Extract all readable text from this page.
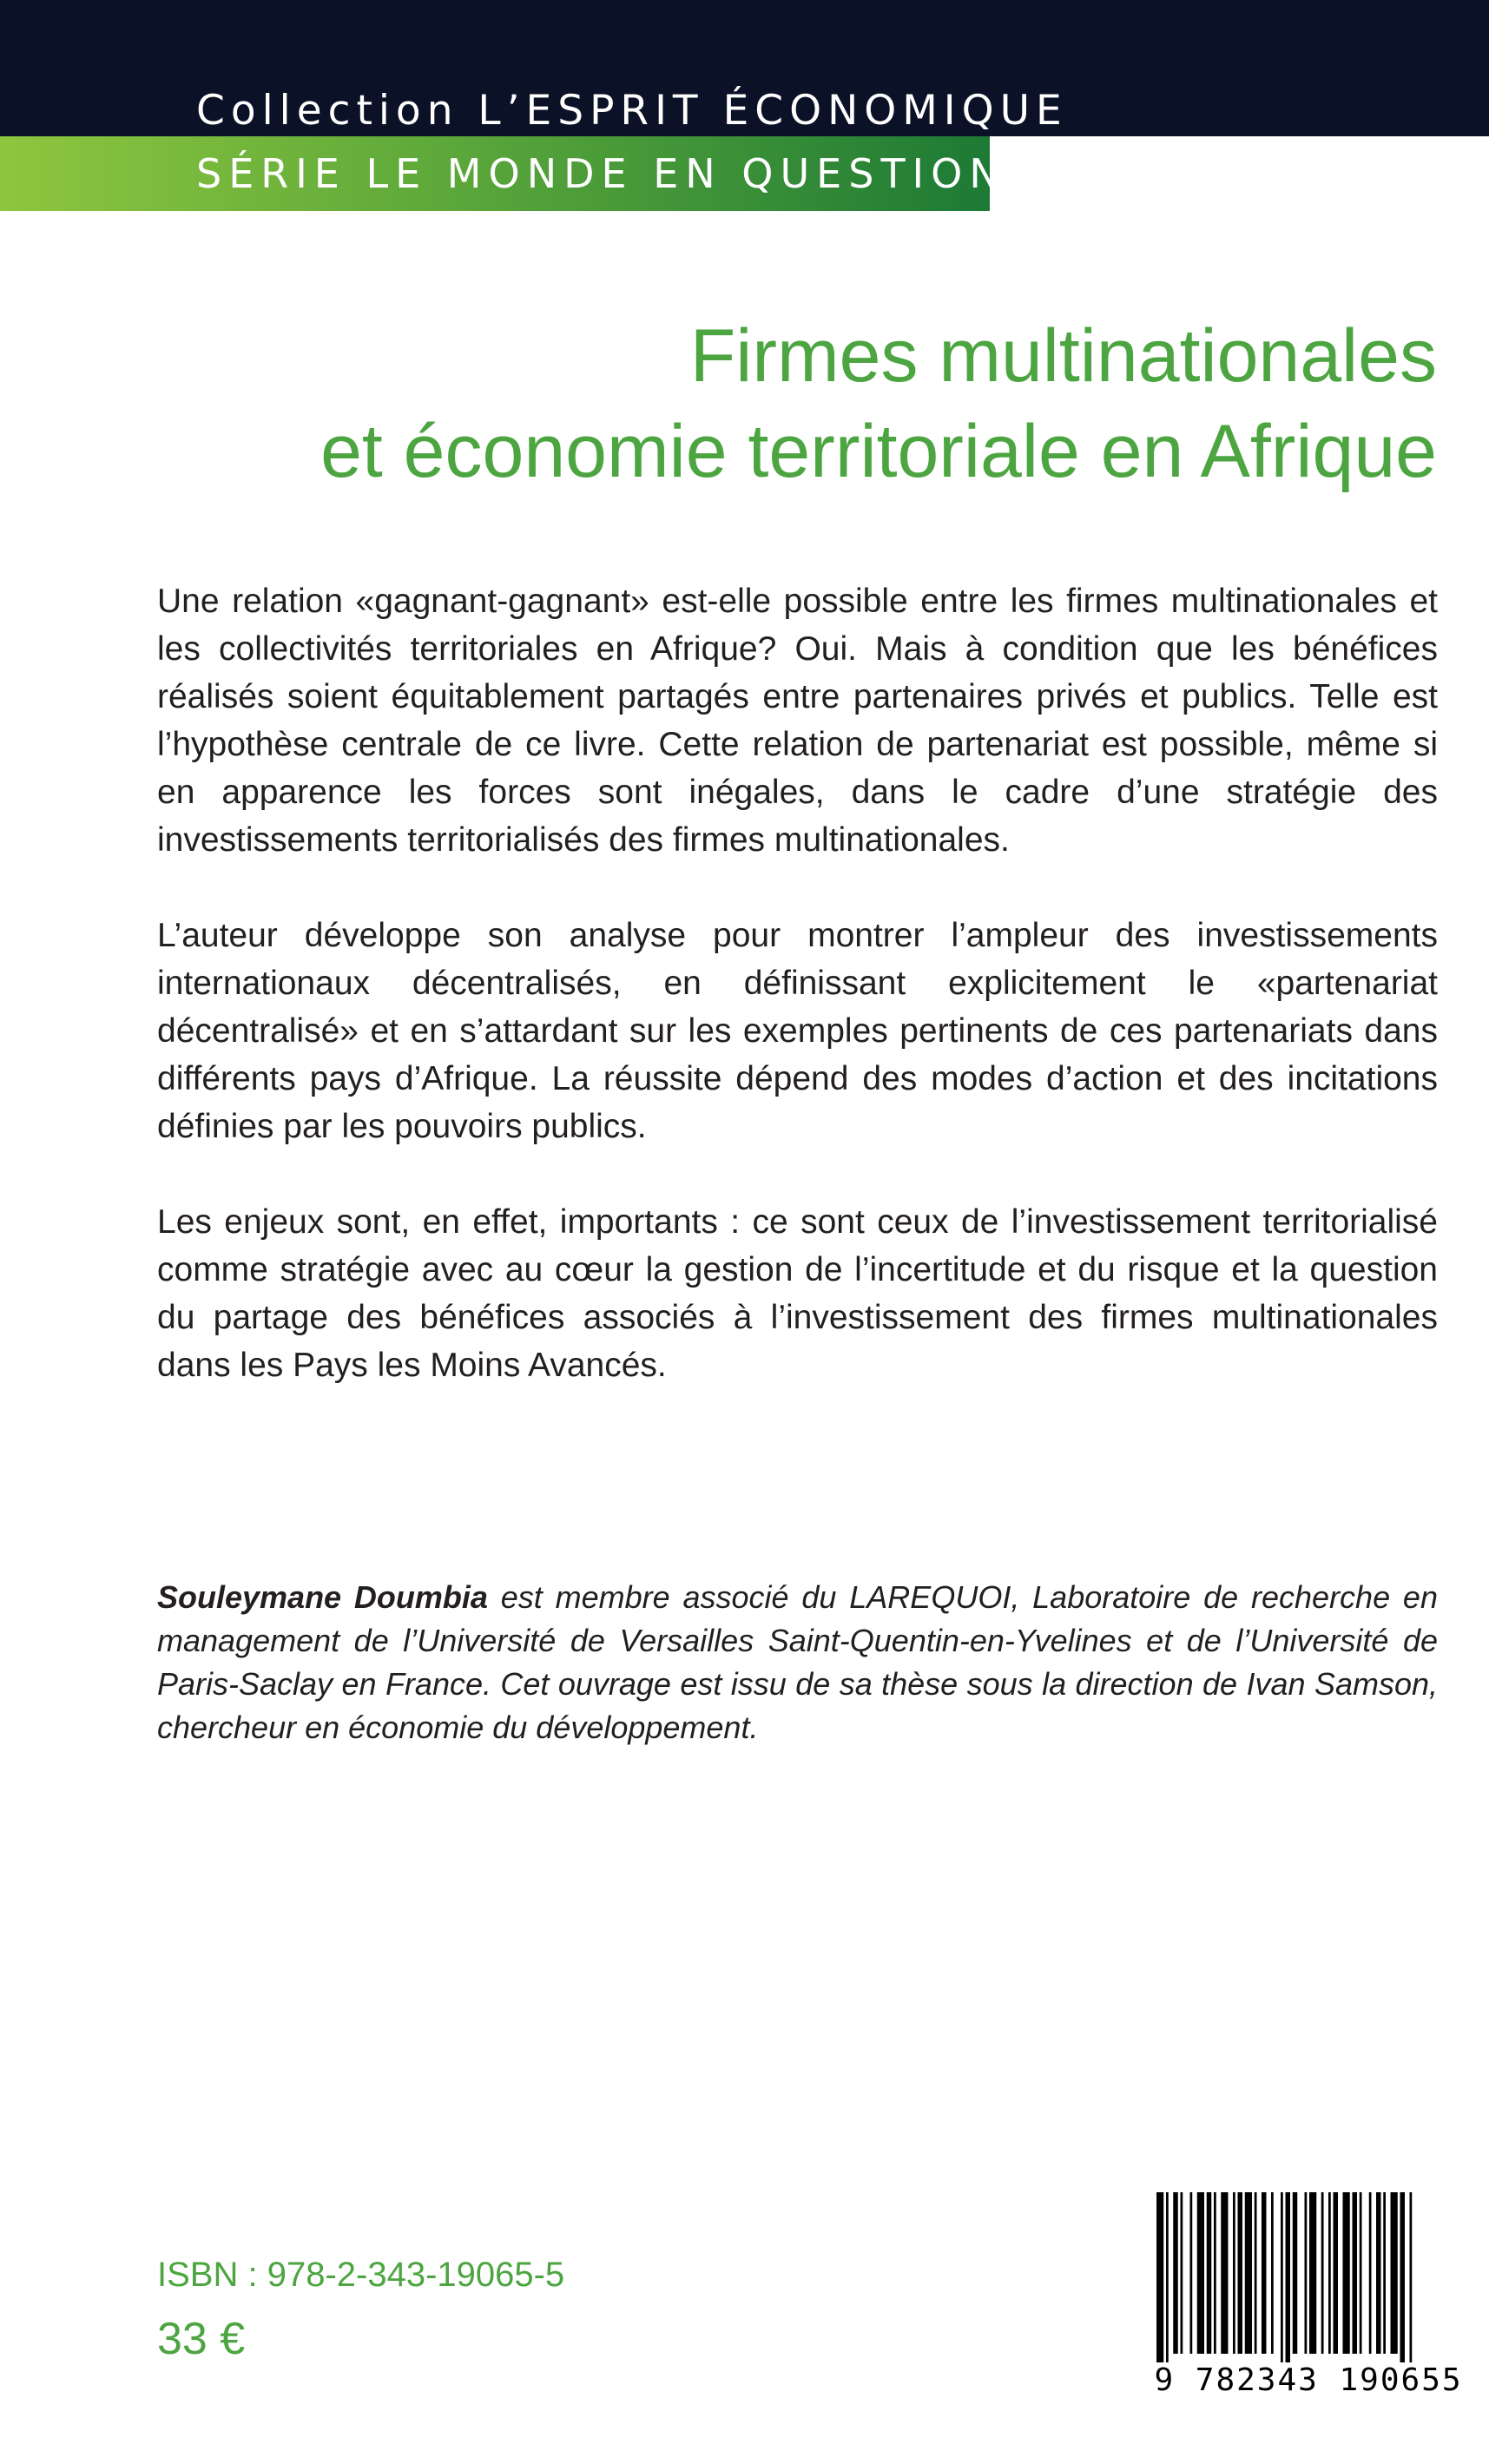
Collection L’ESPRIT ÉCONOMIQUE
SÉRIE LE MONDE EN QUESTION
Firmes multinationales
et économie territoriale en Afrique
Une relation «gagnant-gagnant» est-elle possible entre les firmes multinationales et les collectivités territoriales en Afrique? Oui. Mais à condition que les bénéfices réalisés soient équitablement partagés entre partenaires privés et publics. Telle est l’hypothèse centrale de ce livre. Cette relation de partenariat est possible, même si en apparence les forces sont inégales, dans le cadre d’une stratégie des investissements territorialisés des firmes multinationales.
L’auteur développe son analyse pour montrer l’ampleur des investissements internationaux décentralisés, en définissant explicitement le «partenariat décentralisé» et en s’attardant sur les exemples pertinents de ces partenariats dans différents pays d’Afrique. La réussite dépend des modes d’action et des incitations définies par les pouvoirs publics.
Les enjeux sont, en effet, importants : ce sont ceux de l’investissement territorialisé comme stratégie avec au cœur la gestion de l’incertitude et du risque et la question du partage des bénéfices associés à l’investissement des firmes multinationales dans les Pays les Moins Avancés.
Souleymane Doumbia est membre associé du LAREQUOI, Laboratoire de recherche en management de l’Université de Versailles Saint-Quentin-en-Yvelines et de l’Université de Paris-Saclay en France. Cet ouvrage est issu de sa thèse sous la direction de Ivan Samson, chercheur en économie du développement.
ISBN : 978-2-343-19065-5
33 €
9 782343 190655
